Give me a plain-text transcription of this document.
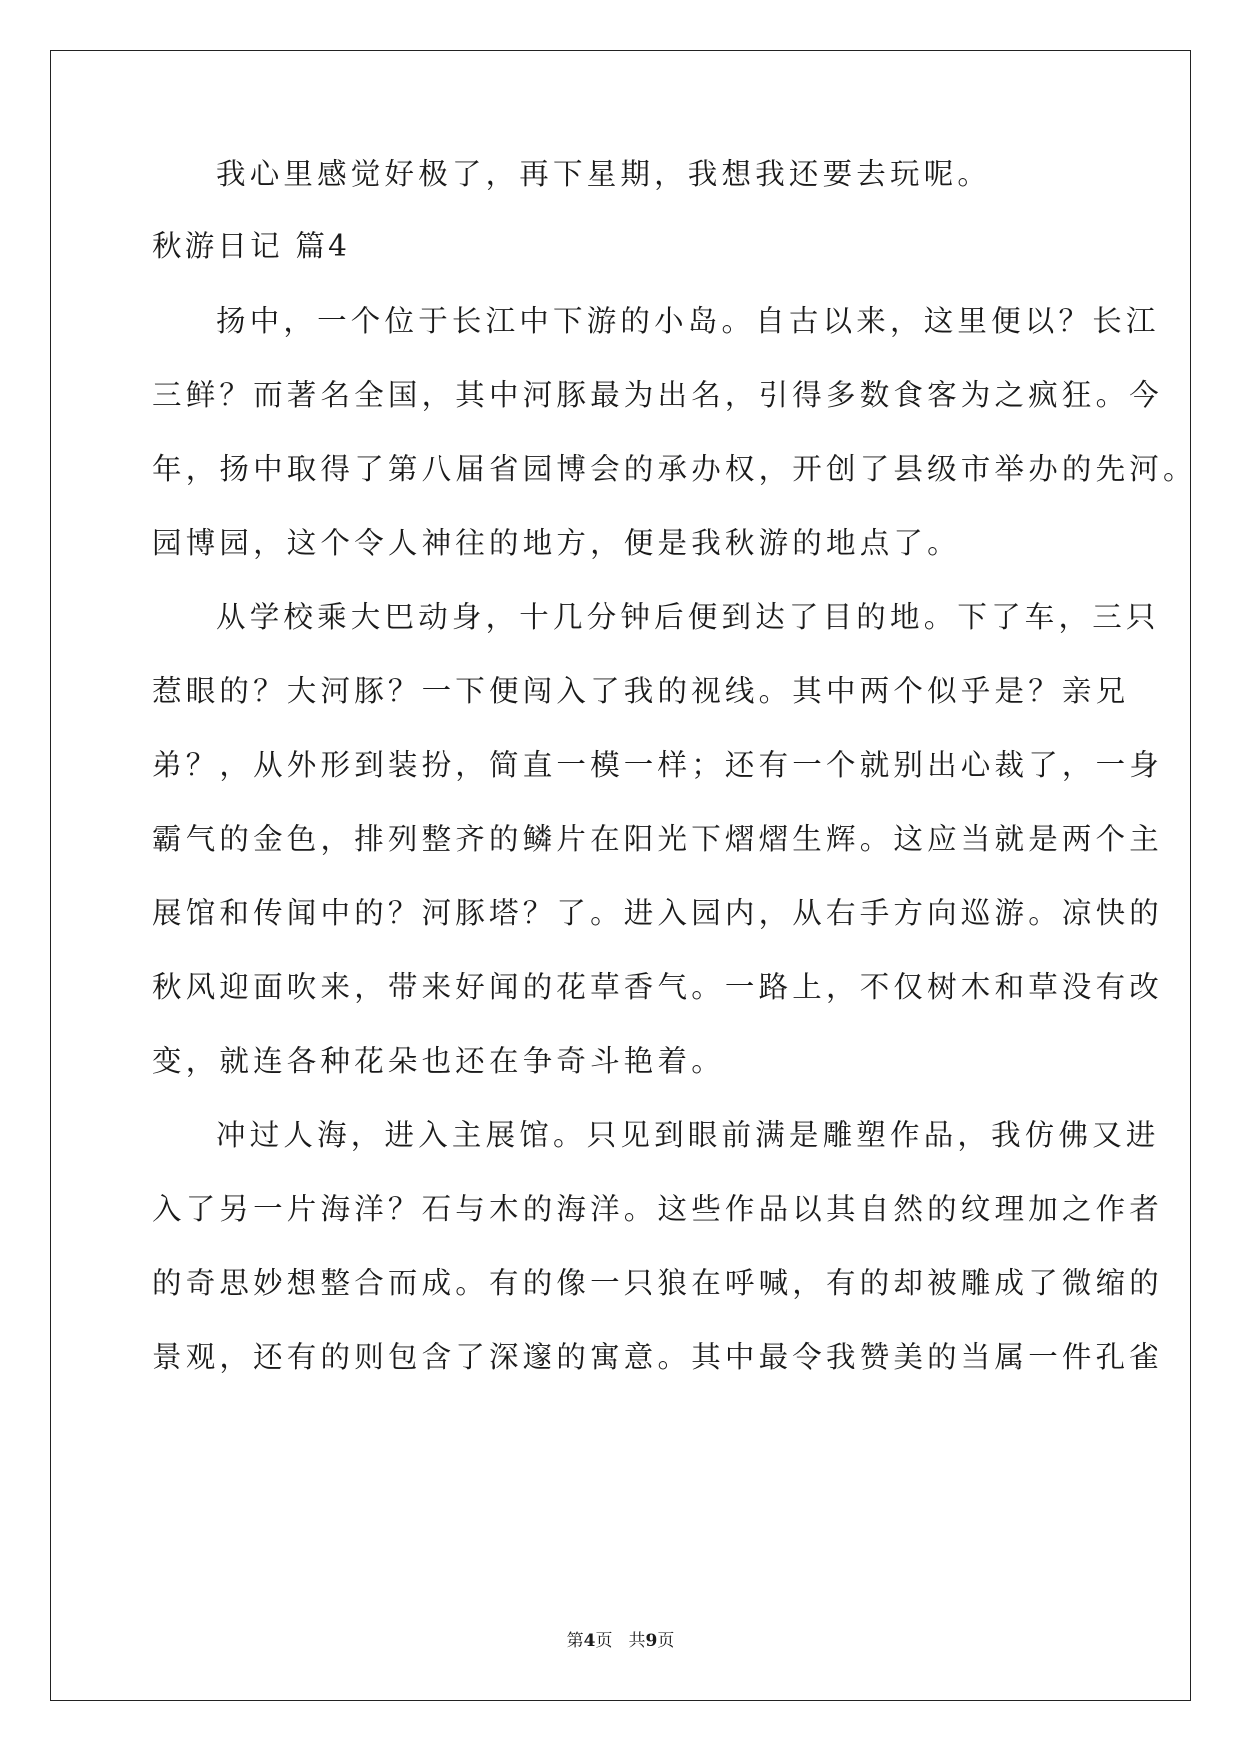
我心里感觉好极了，再下星期，我想我还要去玩呢。
秋游日记 篇4
扬中，一个位于长江中下游的小岛。自古以来，这里便以？长江
三鲜？而著名全国，其中河豚最为出名，引得多数食客为之疯狂。今
年，扬中取得了第八届省园博会的承办权，开创了县级市举办的先河。
园博园，这个令人神往的地方，便是我秋游的地点了。
从学校乘大巴动身，十几分钟后便到达了目的地。下了车，三只
惹眼的？大河豚？一下便闯入了我的视线。其中两个似乎是？亲兄
弟？，从外形到装扮，简直一模一样；还有一个就别出心裁了，一身
霸气的金色，排列整齐的鳞片在阳光下熠熠生辉。这应当就是两个主
展馆和传闻中的？河豚塔？了。进入园内，从右手方向巡游。凉快的
秋风迎面吹来，带来好闻的花草香气。一路上，不仅树木和草没有改
变，就连各种花朵也还在争奇斗艳着。
冲过人海，进入主展馆。只见到眼前满是雕塑作品，我仿佛又进
入了另一片海洋？石与木的海洋。这些作品以其自然的纹理加之作者
的奇思妙想整合而成。有的像一只狼在呼喊，有的却被雕成了微缩的
景观，还有的则包含了深邃的寓意。其中最令我赞美的当属一件孔雀
第4页 共9页
